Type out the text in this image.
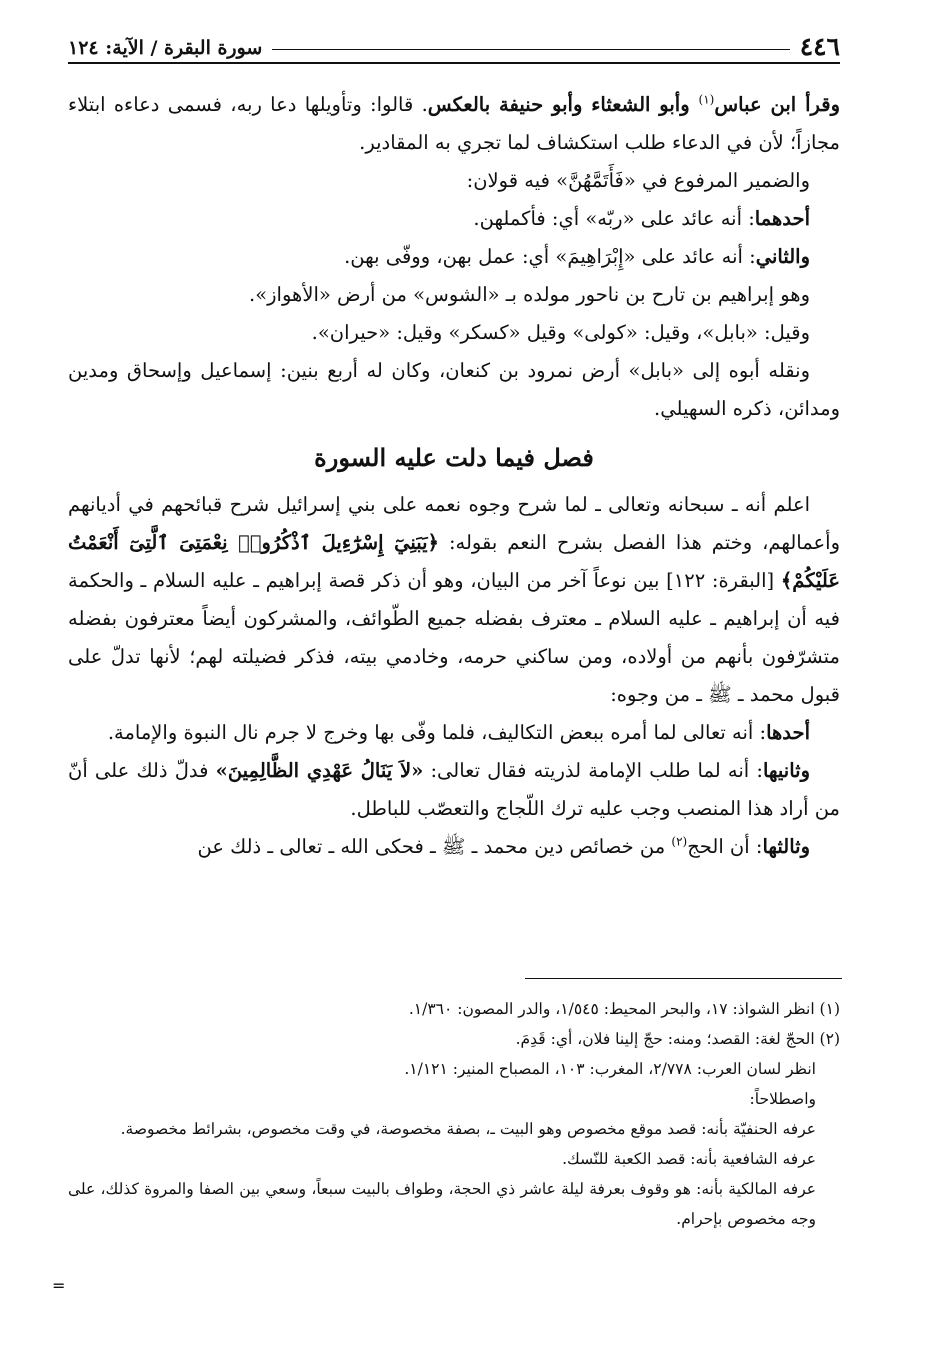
٤٤٦
سورة البقرة / الآية: ١٢٤

وقرأ ابن عباس$^{(١)}$ وأبو الشعثاء وأبو حنيفة بالعكس. قالوا: وتأويلها دعا ربه، فسمى دعاءه ابتلاء مجازاً؛ لأن في الدعاء طلب استكشاف لما تجري به المقادير.

والضمير المرفوع في «فَأَتَمَّهُنَّ» فيه قولان:

أحدهما: أنه عائد على «ربّه» أي: فأكملهن.

والثاني: أنه عائد على «إِبْرَاهِيمَ» أي: عمل بهن، ووفّى بهن.

وهو إبراهيم بن تارح بن ناحور مولده بـ «الشوس» من أرض «الأهواز».

وقيل: «بابل»، وقيل: «كولى» وقيل «كسكر» وقيل: «حيران».

ونقله أبوه إلى «بابل» أرض نمرود بن كنعان، وكان له أربع بنين: إسماعيل وإسحاق ومدين ومدائن، ذكره السهيلي.

فصل فيما دلت عليه السورة

اعلم أنه ـ سبحانه وتعالى ـ لما شرح وجوه نعمه على بني إسرائيل شرح قبائحهم في أديانهم وأعمالهم، وختم هذا الفصل بشرح النعم بقوله: ﴿يَبَنِيٓ إِسْرَٰٓءِيلَ ٱذْكُرُوا۟ نِعْمَتِىَ ٱلَّتِىٓ أَنْعَمْتُ عَلَيْكُمْ﴾ [البقرة: ١٢٢] بين نوعاً آخر من البيان، وهو أن ذكر قصة إبراهيم ـ عليه السلام ـ والحكمة فيه أن إبراهيم ـ عليه السلام ـ معترف بفضله جميع الطّوائف، والمشركون أيضاً معترفون بفضله متشرّفون بأنهم من أولاده، ومن ساكني حرمه، وخادمي بيته، فذكر فضيلته لهم؛ لأنها تدلّ على قبول محمد ـ ﷺ ـ من وجوه:

أحدها: أنه تعالى لما أمره ببعض التكاليف، فلما وفّى بها وخرج لا جرم نال النبوة والإمامة.

وثانيها: أنه لما طلب الإمامة لذريته فقال تعالى: «لاَ يَنَالُ عَهْدِي الظَّالِمِينَ» فدلّ ذلك على أنّ من أراد هذا المنصب وجب عليه ترك اللّجاج والتعصّب للباطل.

وثالثها: أن الحج$^{(٢)}$ من خصائص دين محمد ـ ﷺ ـ فحكى الله ـ تعالى ـ ذلك عن

(١) انظر الشواذ: ١٧، والبحر المحيط: ١/٥٤٥، والدر المصون: ١/٣٦٠.

(٢) الحجّ لغة: القصد؛ ومنه: حجّ إلينا فلان، أي: قَدِمَ.

انظر لسان العرب: ٢/٧٧٨، المغرب: ١٠٣، المصباح المنير: ١/١٢١.

واصطلاحاً:

عرفه الحنفيّة بأنه: قصد موقع مخصوص وهو البيت ـ، بصفة مخصوصة، في وقت مخصوص، بشرائط مخصوصة.

عرفه الشافعية بأنه: قصد الكعبة للنّسك.

عرفه المالكية بأنه: هو وقوف بعرفة ليلة عاشر ذي الحجة، وطواف بالبيت سبعاً، وسعي بين الصفا والمروة كذلك، على وجه مخصوص بإحرام.

=
